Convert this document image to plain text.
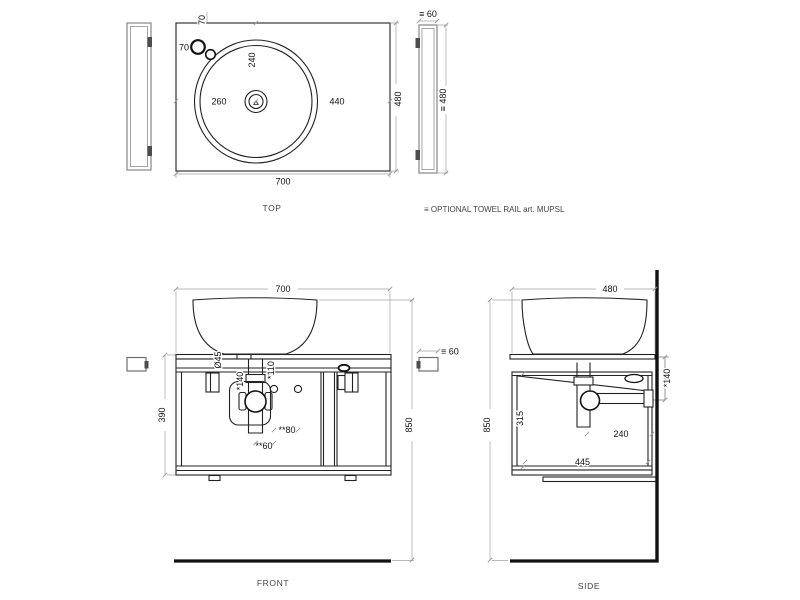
260	440
240
70
70
480
700
TOP
≡ 60
≡ 480
≡ OPTIONAL TOWEL RAIL art. MUPSL
700
390
850
Ø45
*140
*110
**80
**60
≡ 60
FRONT
480
850	315
*140
240
445
SIDE
